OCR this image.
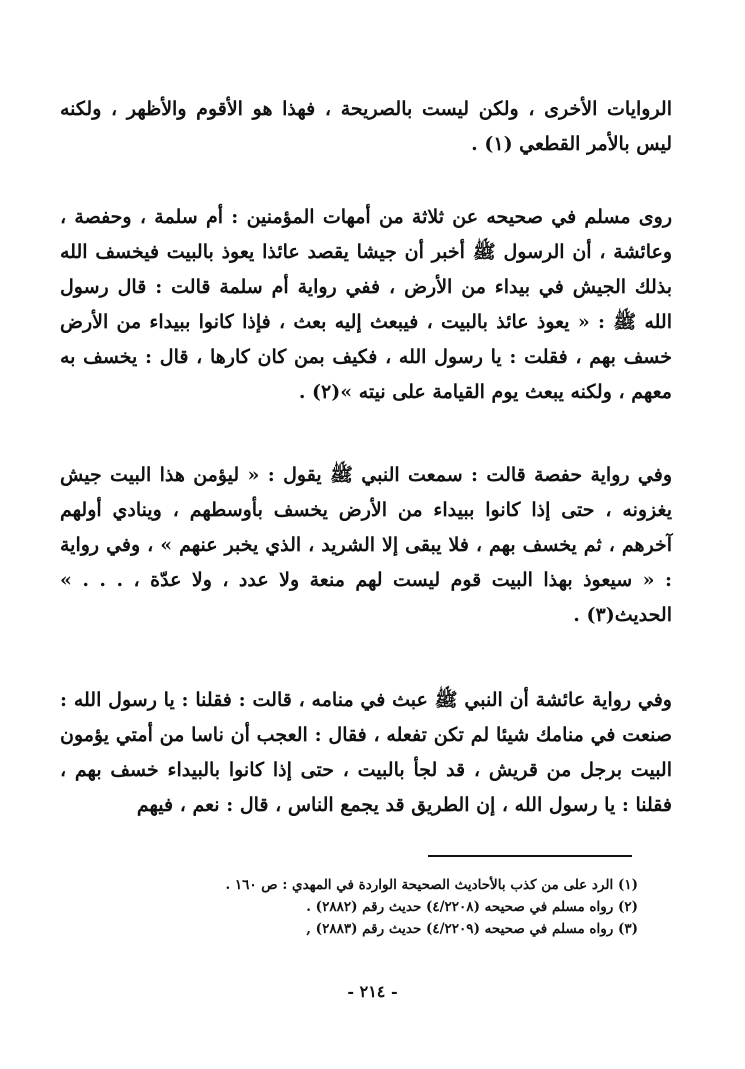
الروايات الأخرى ، ولكن ليست بالصريحة ، فهذا هو الأقوم والأظهر ، ولكنه ليس بالأمر القطعي (١) .

روى مسلم في صحيحه عن ثلاثة من أمهات المؤمنين : أم سلمة ، وحفصة ، وعائشة ، أن الرسول ﷺ أخبر أن جيشا يقصد عائذا يعوذ بالبيت فيخسف الله بذلك الجيش في بيداء من الأرض ، ففي رواية أم سلمة قالت : قال رسول الله ﷺ : « يعوذ عائذ بالبيت ، فيبعث إليه بعث ، فإذا كانوا ببيداء من الأرض خسف بهم ، فقلت : يا رسول الله ، فكيف بمن كان كارها ، قال : يخسف به معهم ، ولكنه يبعث يوم القيامة على نيته »(٢) .

وفي رواية حفصة قالت : سمعت النبي ﷺ يقول : « ليؤمن هذا البيت جيش يغزونه ، حتى إذا كانوا ببيداء من الأرض يخسف بأوسطهم ، وينادي أولهم آخرهم ، ثم يخسف بهم ، فلا يبقى إلا الشريد ، الذي يخبر عنهم » ، وفي رواية : « سيعوذ بهذا البيت قوم ليست لهم منعة ولا عدد ، ولا عدّة ، . . . » الحديث(٣) .

وفي رواية عائشة أن النبي ﷺ عبث في منامه ، قالت : فقلنا : يا رسول الله : صنعت في منامك شيئا لم تكن تفعله ، فقال : العجب أن ناسا من أمتي يؤمون البيت برجل من قريش ، قد لجأ بالبيت ، حتى إذا كانوا بالبيداء خسف بهم ، فقلنا : يا رسول الله ، إن الطريق قد يجمع الناس ، قال : نعم ، فيهم

(١) الرد على من كذب بالأحاديث الصحيحة الواردة في المهدي : ص ١٦٠ .

(٢) رواه مسلم في صحيحه (٤/٢٢٠٨) حديث رقم (٢٨٨٢) .

(٣) رواه مسلم في صحيحه (٤/٢٢٠٩) حديث رقم (٢٨٨٣) ,

- ٢١٤ -
